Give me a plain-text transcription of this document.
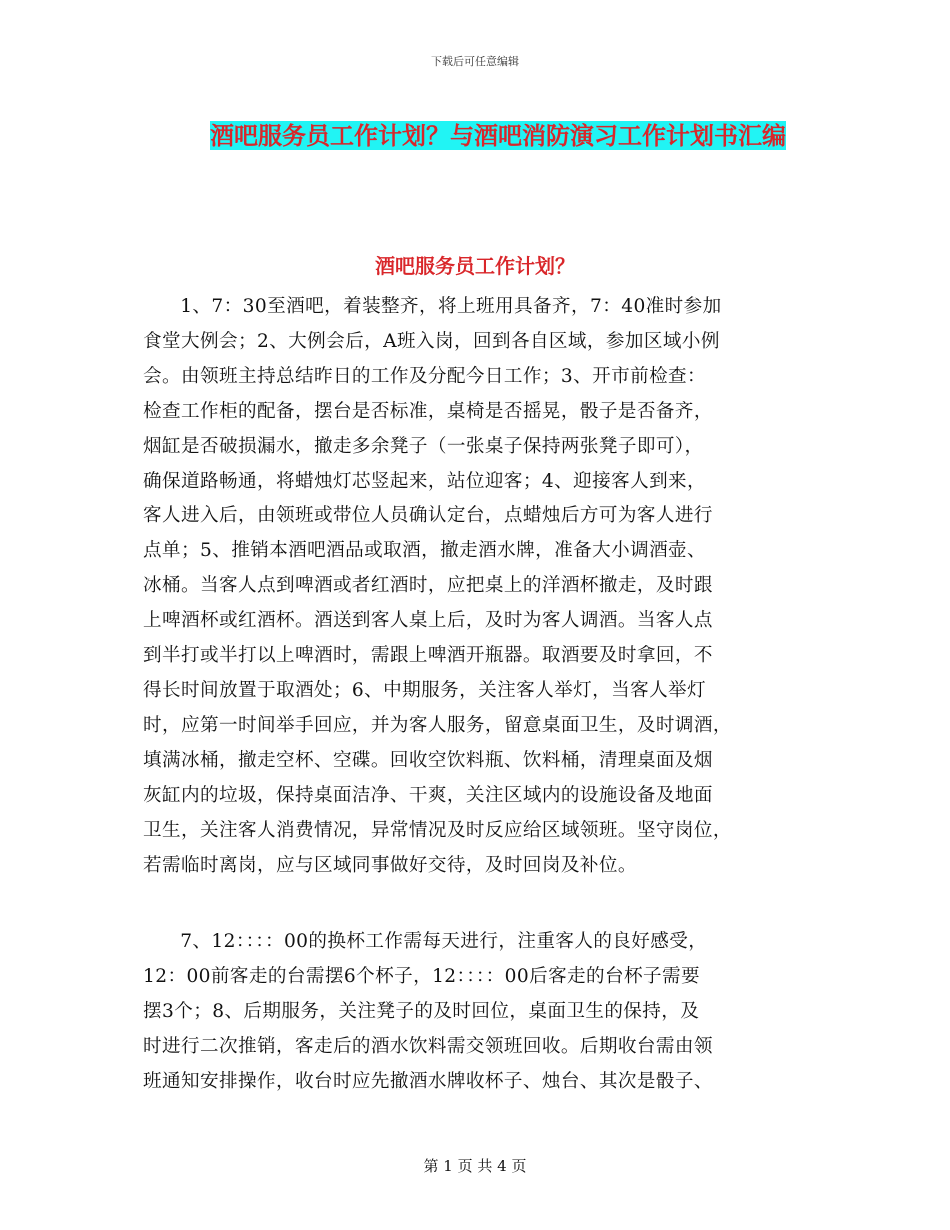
下载后可任意编辑
酒吧服务员工作计划？与酒吧消防演习工作计划书汇编
酒吧服务员工作计划？

1、7：30至酒吧，着装整齐，将上班用具备齐，7：40准时参加
食堂大例会；2、大例会后，A班入岗，回到各自区域，参加区域小例
会。由领班主持总结昨日的工作及分配今日工作；3、开市前检查：
检查工作柜的配备，摆台是否标准，桌椅是否摇晃，骰子是否备齐，
烟缸是否破损漏水，撤走多余凳子（一张桌子保持两张凳子即可），
确保道路畅通，将蜡烛灯芯竖起来，站位迎客；4、迎接客人到来，
客人进入后，由领班或带位人员确认定台，点蜡烛后方可为客人进行
点单；5、推销本酒吧酒品或取酒，撤走酒水牌，准备大小调酒壶、
冰桶。当客人点到啤酒或者红酒时，应把桌上的洋酒杯撤走，及时跟
上啤酒杯或红酒杯。酒送到客人桌上后，及时为客人调酒。当客人点
到半打或半打以上啤酒时，需跟上啤酒开瓶器。取酒要及时拿回，不
得长时间放置于取酒处；6、中期服务，关注客人举灯，当客人举灯
时，应第一时间举手回应，并为客人服务，留意桌面卫生，及时调酒，
填满冰桶，撤走空杯、空碟。回收空饮料瓶、饮料桶，清理桌面及烟
灰缸内的垃圾，保持桌面洁净、干爽，关注区域内的设施设备及地面
卫生，关注客人消费情况，异常情况及时反应给区域领班。坚守岗位，
若需临时离岗，应与区域同事做好交待，及时回岗及补位。

7、12：：：：00的换杯工作需每天进行，注重客人的良好感受，
12：00前客走的台需摆6个杯子，12：：：：00后客走的台杯子需要
摆3个；8、后期服务，关注凳子的及时回位，桌面卫生的保持，及
时进行二次推销，客走后的酒水饮料需交领班回收。后期收台需由领
班通知安排操作，收台时应先撤酒水牌收杯子、烛台、其次是骰子、

第 1 页 共 4 页
